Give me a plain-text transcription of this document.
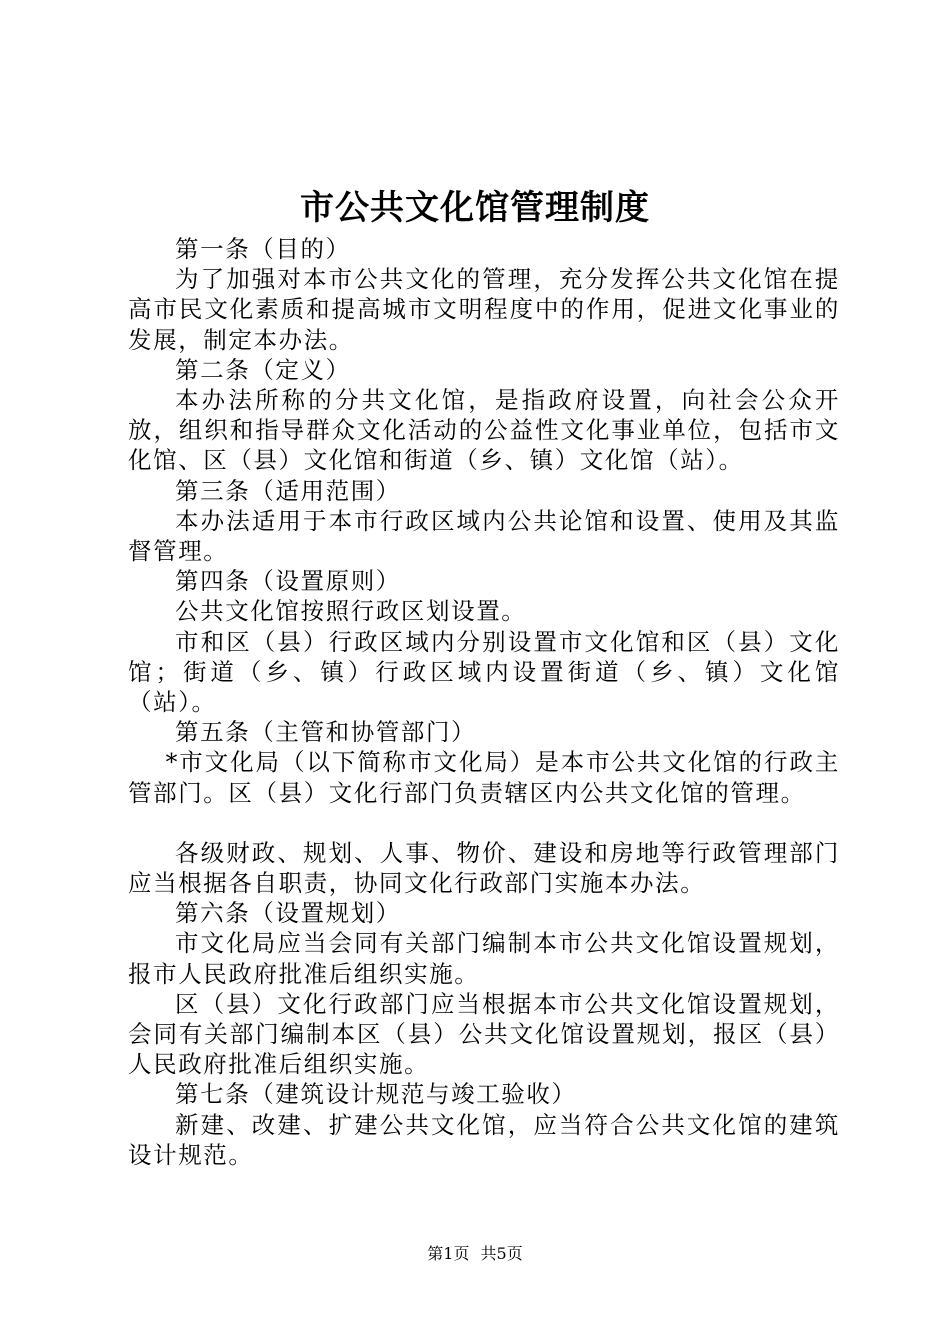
市公共文化馆管理制度

第一条（目的）

为了加强对本市公共文化的管理，充分发挥公共文化馆在提高市民文化素质和提高城市文明程度中的作用，促进文化事业的发展，制定本办法。

第二条（定义）

本办法所称的分共文化馆，是指政府设置，向社会公众开放，组织和指导群众文化活动的公益性文化事业单位，包括市文化馆、区（县）文化馆和街道（乡、镇）文化馆（站）。

第三条（适用范围）

本办法适用于本市行政区域内公共论馆和设置、使用及其监督管理。

第四条（设置原则）

公共文化馆按照行政区划设置。

市和区（县）行政区域内分别设置市文化馆和区（县）文化馆；街道（乡、镇）行政区域内设置街道（乡、镇）文化馆（站）。

第五条（主管和协管部门）

*市文化局（以下简称市文化局）是本市公共文化馆的行政主管部门。区（县）文化行部门负责辖区内公共文化馆的管理。

各级财政、规划、人事、物价、建设和房地等行政管理部门应当根据各自职责，协同文化行政部门实施本办法。

第六条（设置规划）

市文化局应当会同有关部门编制本市公共文化馆设置规划，报市人民政府批准后组织实施。

区（县）文化行政部门应当根据本市公共文化馆设置规划，会同有关部门编制本区（县）公共文化馆设置规划，报区（县）人民政府批准后组织实施。

第七条（建筑设计规范与竣工验收）

新建、改建、扩建公共文化馆，应当符合公共文化馆的建筑设计规范。

第1页 共5页
